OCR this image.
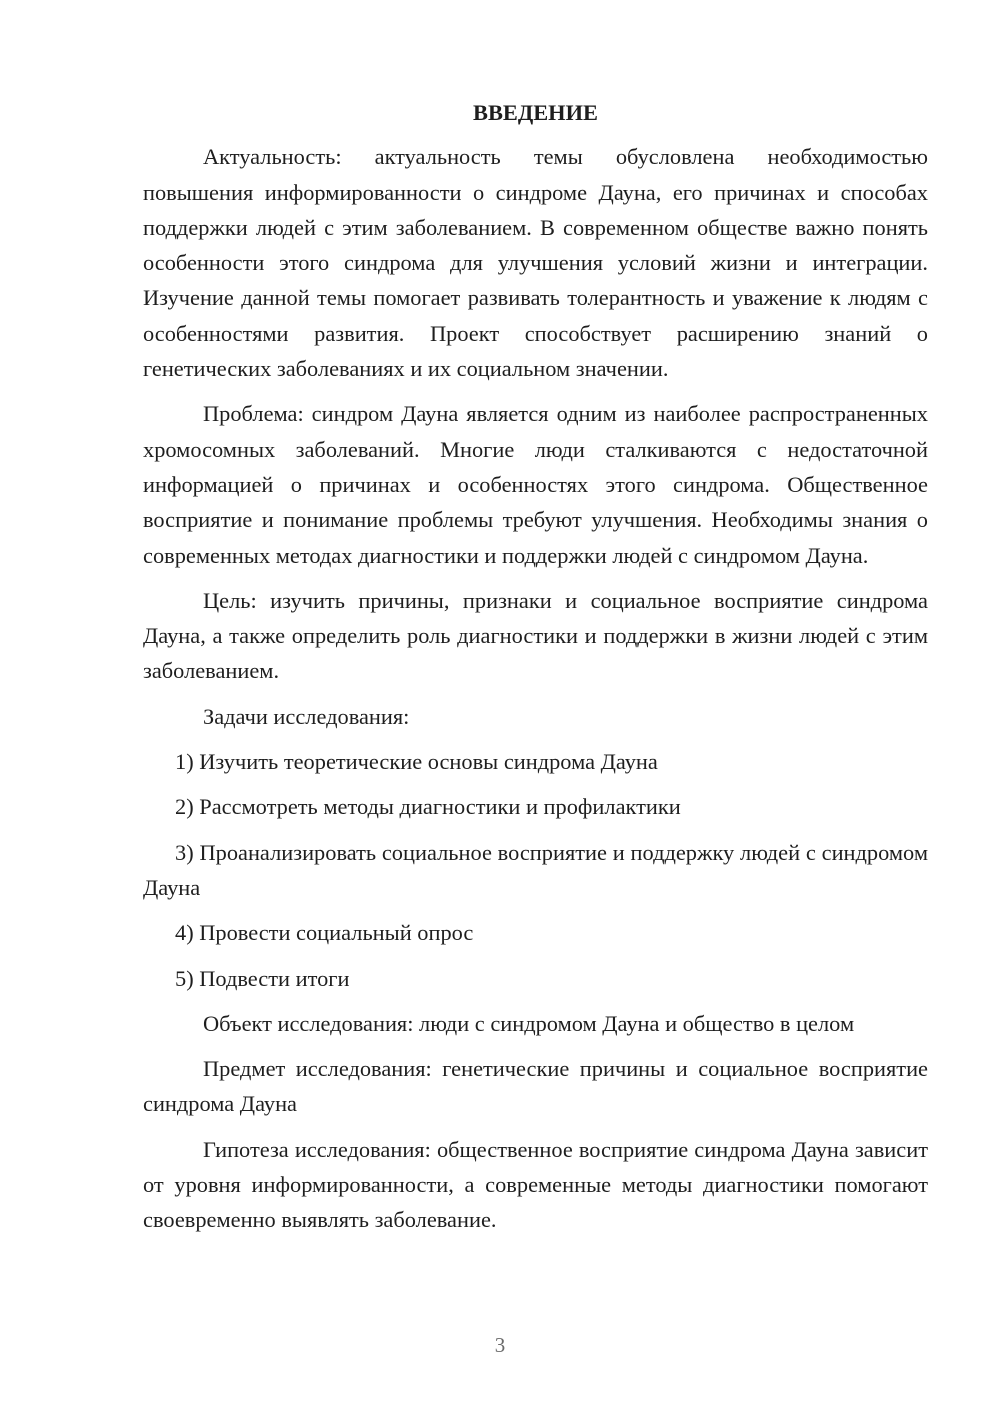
ВВЕДЕНИЕ

Актуальность: актуальность темы обусловлена необходимостью повышения информированности о синдроме Дауна, его причинах и способах поддержки людей с этим заболеванием. В современном обществе важно понять особенности этого синдрома для улучшения условий жизни и интеграции. Изучение данной темы помогает развивать толерантность и уважение к людям с особенностями развития. Проект способствует расширению знаний о генетических заболеваниях и их социальном значении.

Проблема: синдром Дауна является одним из наиболее распространенных хромосомных заболеваний. Многие люди сталкиваются с недостаточной информацией о причинах и особенностях этого синдрома. Общественное восприятие и понимание проблемы требуют улучшения. Необходимы знания о современных методах диагностики и поддержки людей с синдромом Дауна.

Цель: изучить причины, признаки и социальное восприятие синдрома Дауна, а также определить роль диагностики и поддержки в жизни людей с этим заболеванием.

Задачи исследования:

1) Изучить теоретические основы синдрома Дауна

2) Рассмотреть методы диагностики и профилактики

3) Проанализировать социальное восприятие и поддержку людей с синдромом Дауна

4) Провести социальный опрос

5) Подвести итоги

Объект исследования: люди с синдромом Дауна и общество в целом

Предмет исследования: генетические причины и социальное восприятие синдрома Дауна

Гипотеза исследования: общественное восприятие синдрома Дауна зависит от уровня информированности, а современные методы диагностики помогают своевременно выявлять заболевание.

3
